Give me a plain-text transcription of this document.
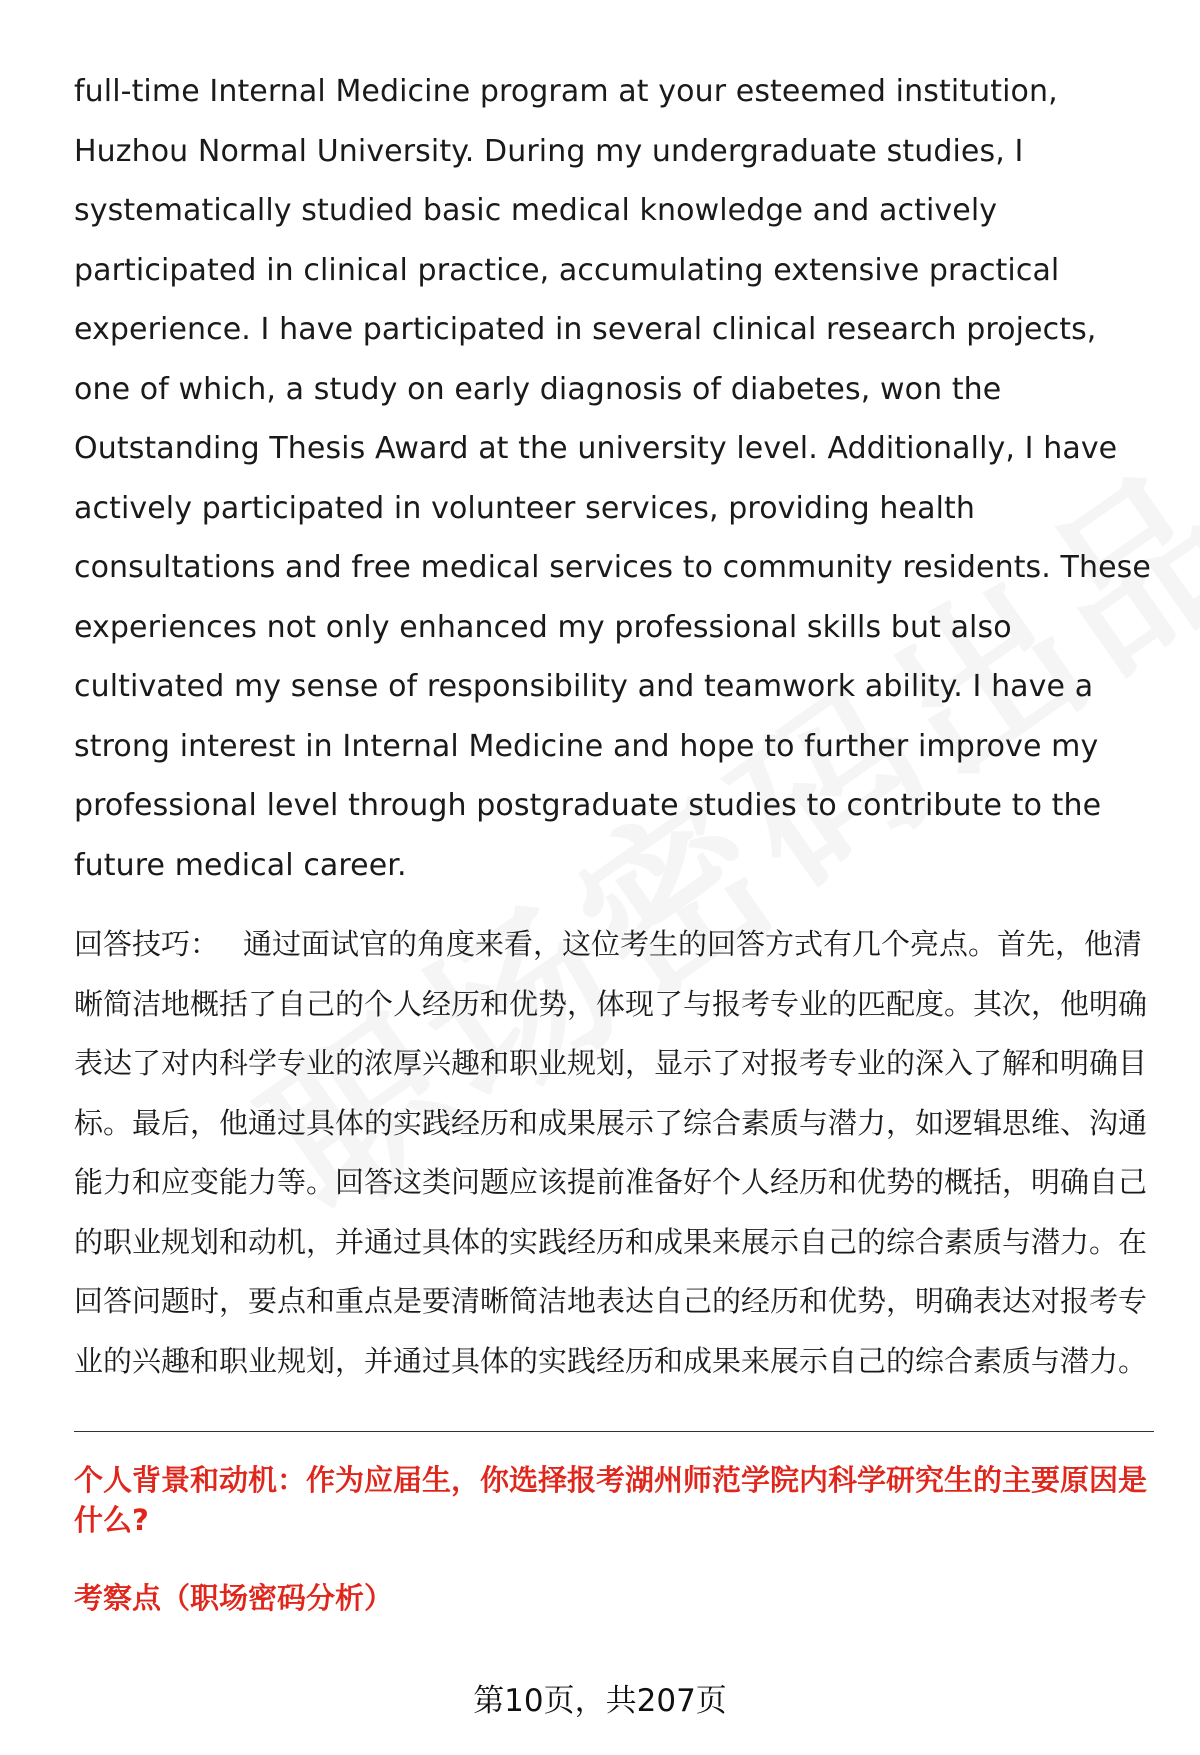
full-time Internal Medicine program at your esteemed institution, Huzhou Normal University. During my undergraduate studies, I systematically studied basic medical knowledge and actively participated in clinical practice, accumulating extensive practical experience. I have participated in several clinical research projects, one of which, a study on early diagnosis of diabetes, won the Outstanding Thesis Award at the university level. Additionally, I have actively participated in volunteer services, providing health consultations and free medical services to community residents. These experiences not only enhanced my professional skills but also cultivated my sense of responsibility and teamwork ability. I have a strong interest in Internal Medicine and hope to further improve my professional level through postgraduate studies to contribute to the future medical career.

回答技巧： 通过面试官的角度来看，这位考生的回答方式有几个亮点。首先，他清晰简洁地概括了自己的个人经历和优势，体现了与报考专业的匹配度。其次，他明确表达了对内科学专业的浓厚兴趣和职业规划，显示了对报考专业的深入了解和明确目标。最后，他通过具体的实践经历和成果展示了综合素质与潜力，如逻辑思维、沟通能力和应变能力等。回答这类问题应该提前准备好个人经历和优势的概括，明确自己的职业规划和动机，并通过具体的实践经历和成果来展示自己的综合素质与潜力。在回答问题时，要点和重点是要清晰简洁地表达自己的经历和优势，明确表达对报考专业的兴趣和职业规划，并通过具体的实践经历和成果来展示自己的综合素质与潜力。

个人背景和动机：作为应届生，你选择报考湖州师范学院内科学研究生的主要原因是什么?

考察点（职场密码分析）

第10页，共207页
